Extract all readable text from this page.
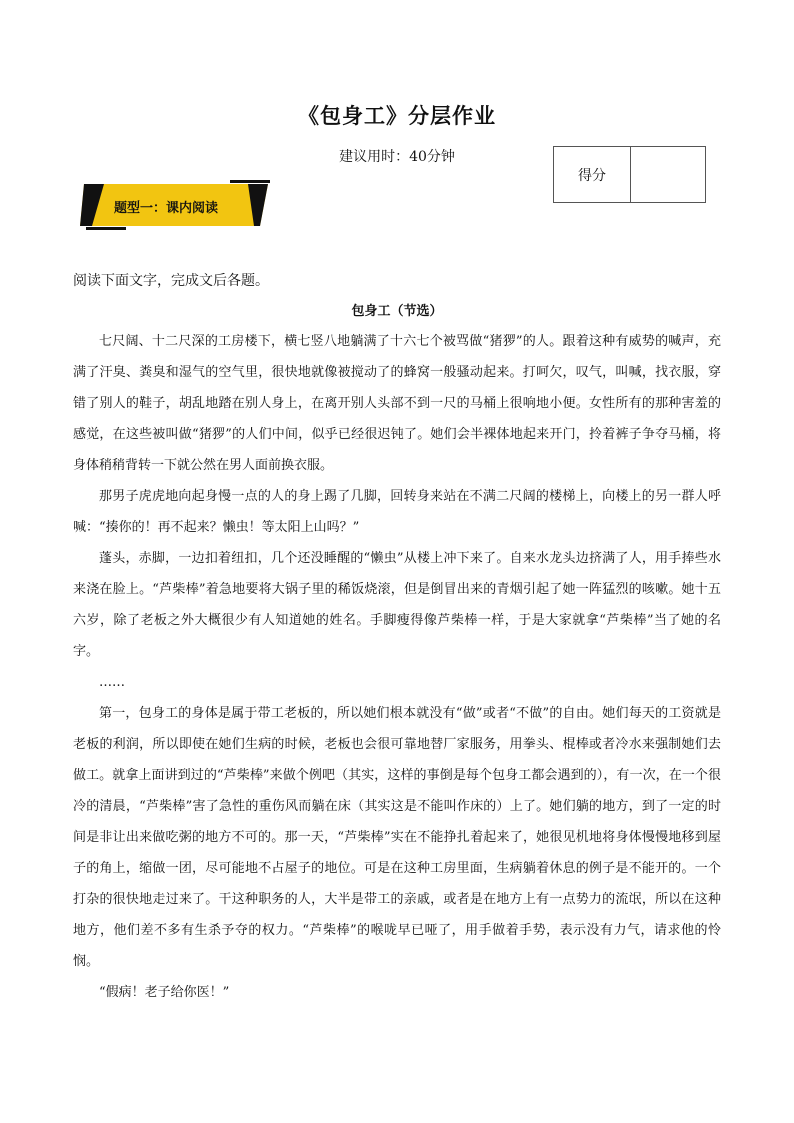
《包身工》分层作业
建议用时：40分钟
得分
题型一：课内阅读
阅读下面文字，完成文后各题。
包身工（节选）

七尺阔、十二尺深的工房楼下，横七竖八地躺满了十六七个被骂做“猪猡”的人。跟着这种有威势的喊声，充满了汗臭、粪臭和湿气的空气里，很快地就像被搅动了的蜂窝一般骚动起来。打呵欠，叹气，叫喊，找衣服，穿错了别人的鞋子，胡乱地踏在别人身上，在离开别人头部不到一尺的马桶上很响地小便。女性所有的那种害羞的感觉，在这些被叫做“猪猡”的人们中间，似乎已经很迟钝了。她们会半裸体地起来开门，拎着裤子争夺马桶，将身体稍稍背转一下就公然在男人面前换衣服。

那男子虎虎地向起身慢一点的人的身上踢了几脚，回转身来站在不满二尺阔的楼梯上，向楼上的另一群人呼喊：“揍你的！再不起来？懒虫！等太阳上山吗？”

蓬头，赤脚，一边扣着纽扣，几个还没睡醒的“懒虫”从楼上冲下来了。自来水龙头边挤满了人，用手捧些水来浇在脸上。“芦柴棒”着急地要将大锅子里的稀饭烧滚，但是倒冒出来的青烟引起了她一阵猛烈的咳嗽。她十五六岁，除了老板之外大概很少有人知道她的姓名。手脚瘦得像芦柴棒一样，于是大家就拿“芦柴棒”当了她的名字。

……

第一，包身工的身体是属于带工老板的，所以她们根本就没有“做”或者“不做”的自由。她们每天的工资就是老板的利润，所以即使在她们生病的时候，老板也会很可靠地替厂家服务，用拳头、棍棒或者冷水来强制她们去做工。就拿上面讲到过的“芦柴棒”来做个例吧（其实，这样的事倒是每个包身工都会遇到的），有一次，在一个很冷的清晨，“芦柴棒”害了急性的重伤风而躺在床（其实这是不能叫作床的）上了。她们躺的地方，到了一定的时间是非让出来做吃粥的地方不可的。那一天，“芦柴棒”实在不能挣扎着起来了，她很见机地将身体慢慢地移到屋子的角上，缩做一团，尽可能地不占屋子的地位。可是在这种工房里面，生病躺着休息的例子是不能开的。一个打杂的很快地走过来了。干这种职务的人，大半是带工的亲戚，或者是在地方上有一点势力的流氓，所以在这种地方，他们差不多有生杀予夺的权力。“芦柴棒”的喉咙早已哑了，用手做着手势，表示没有力气，请求他的怜悯。

“假病！老子给你医！”
